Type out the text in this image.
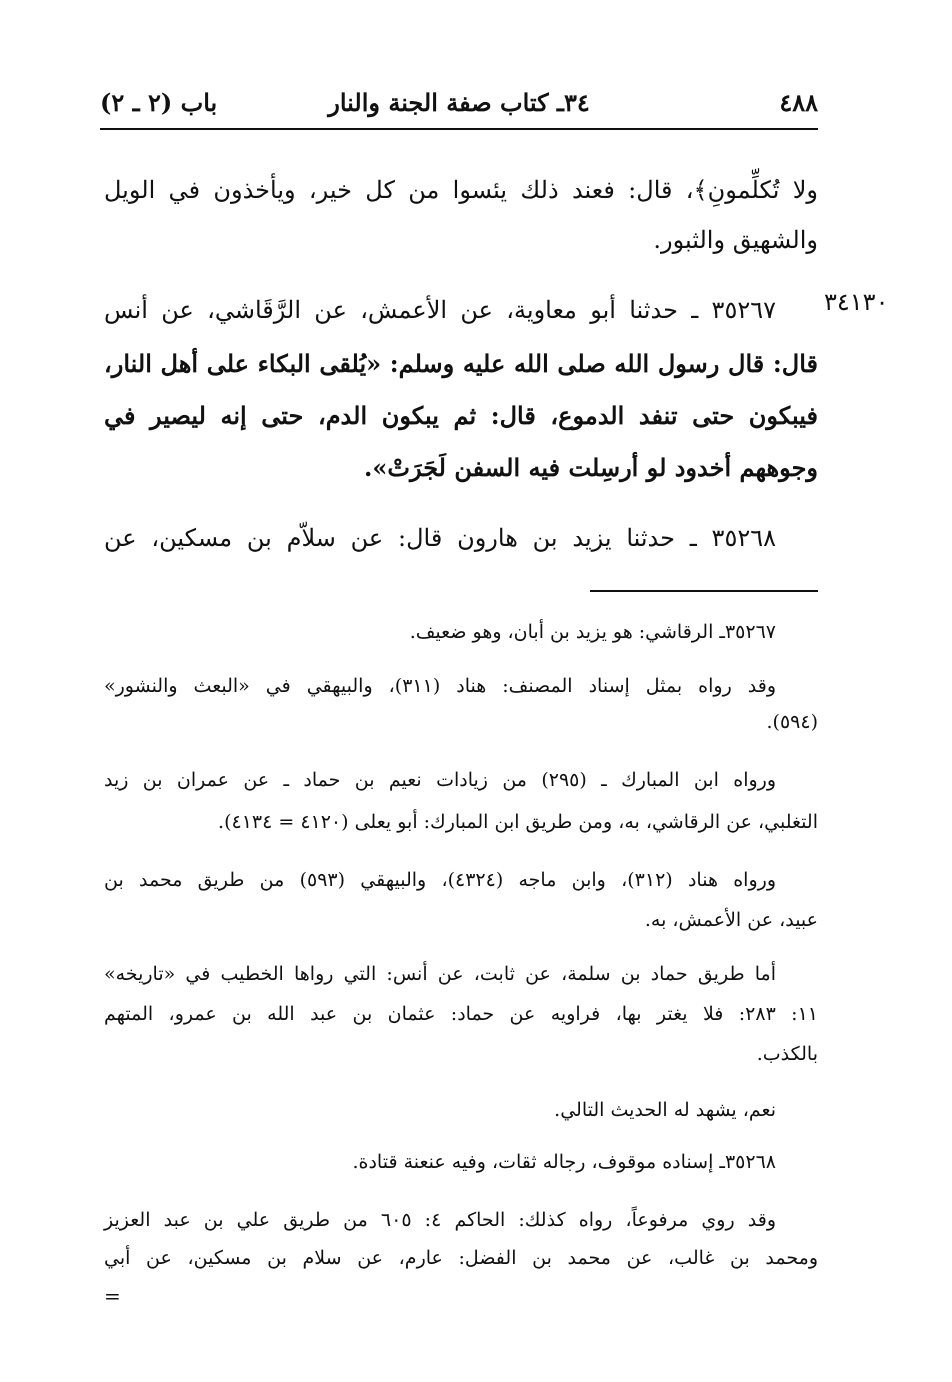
٤٨٨
٣٤ـ كتاب صفة الجنة والنار
باب (٢ ـ ٢)
٣٤١٣٠
ولا تُكلِّمونِ﴾، قال: فعند ذلك يئسوا من كل خير، ويأخذون في الويل
والشهيق والثبور.
٣٥٢٦٧ ـ حدثنا أبو معاوية، عن الأعمش، عن الرَّقَاشي، عن أنس
قال: قال رسول الله صلى الله عليه وسلم: «يُلقى البكاء على أهل النار،
فيبكون حتى تنفد الدموع، قال: ثم يبكون الدم، حتى إنه ليصير في
وجوههم أخدود لو أرسِلت فيه السفن لَجَرَتْ».
٣٥٢٦٨ ـ حدثنا يزيد بن هارون قال: عن سلاّم بن مسكين، عن
٣٥٢٦٧ـ الرقاشي: هو يزيد بن أبان، وهو ضعيف.
وقد رواه بمثل إسناد المصنف: هناد (٣١١)، والبيهقي في «البعث والنشور»
(٥٩٤).
ورواه ابن المبارك ـ (٢٩٥) من زيادات نعيم بن حماد ـ عن عمران بن زيد
التغلبي، عن الرقاشي، به، ومن طريق ابن المبارك: أبو يعلى (٤١٢٠ = ٤١٣٤).
ورواه هناد (٣١٢)، وابن ماجه (٤٣٢٤)، والبيهقي (٥٩٣) من طريق محمد بن
عبيد، عن الأعمش، به.
أما طريق حماد بن سلمة، عن ثابت، عن أنس: التي رواها الخطيب في «تاريخه»
١١: ٢٨٣: فلا يغتر بها، فراويه عن حماد: عثمان بن عبد الله بن عمرو، المتهم
بالكذب.
نعم، يشهد له الحديث التالي.
٣٥٢٦٨ـ إسناده موقوف، رجاله ثقات، وفيه عنعنة قتادة.
وقد روي مرفوعاً، رواه كذلك: الحاكم ٤: ٦٠٥ من طريق علي بن عبد العزيز
ومحمد بن غالب، عن محمد بن الفضل: عارم، عن سلام بن مسكين، عن أبي
=
